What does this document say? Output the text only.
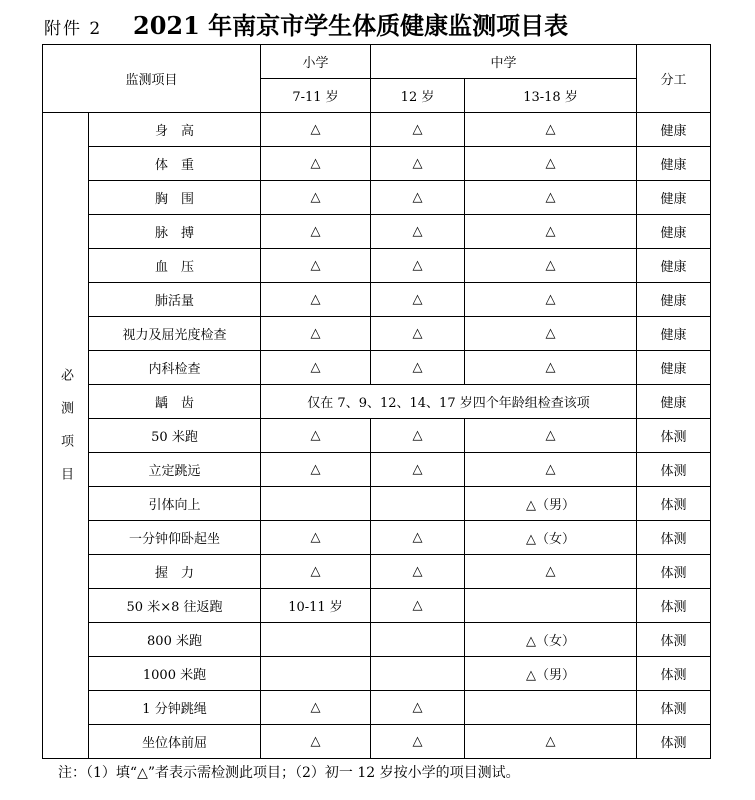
附件 2 2021 年南京市学生体质健康监测项目表
监测项目		小学	中学		分工
		7-11 岁	12 岁	13-18 岁	
必测项目	身　高	△	△	△	健康
	体　重	△	△	△	健康
	胸　围	△	△	△	健康
	脉　搏	△	△	△	健康
	血　压	△	△	△	健康
	肺活量	△	△	△	健康
	视力及屈光度检查	△	△	△	健康
	内科检查	△	△	△	健康
	龋　齿	仅在 7、9、12、14、17 岁四个年龄组检查该项			健康
	50 米跑	△	△	△	体测
	立定跳远	△	△	△	体测
	引体向上			△（男）	体测
	一分钟仰卧起坐	△	△	△（女）	体测
	握　力	△	△	△	体测
	50 米×8 往返跑	10-11 岁	△		体测
	800 米跑			△（女）	体测
	1000 米跑			△（男）	体测
	1 分钟跳绳	△	△		体测
	坐位体前屈	△	△	△	体测
注：（1）填“△”者表示需检测此项目；（2）初一 12 岁按小学的项目测试。
